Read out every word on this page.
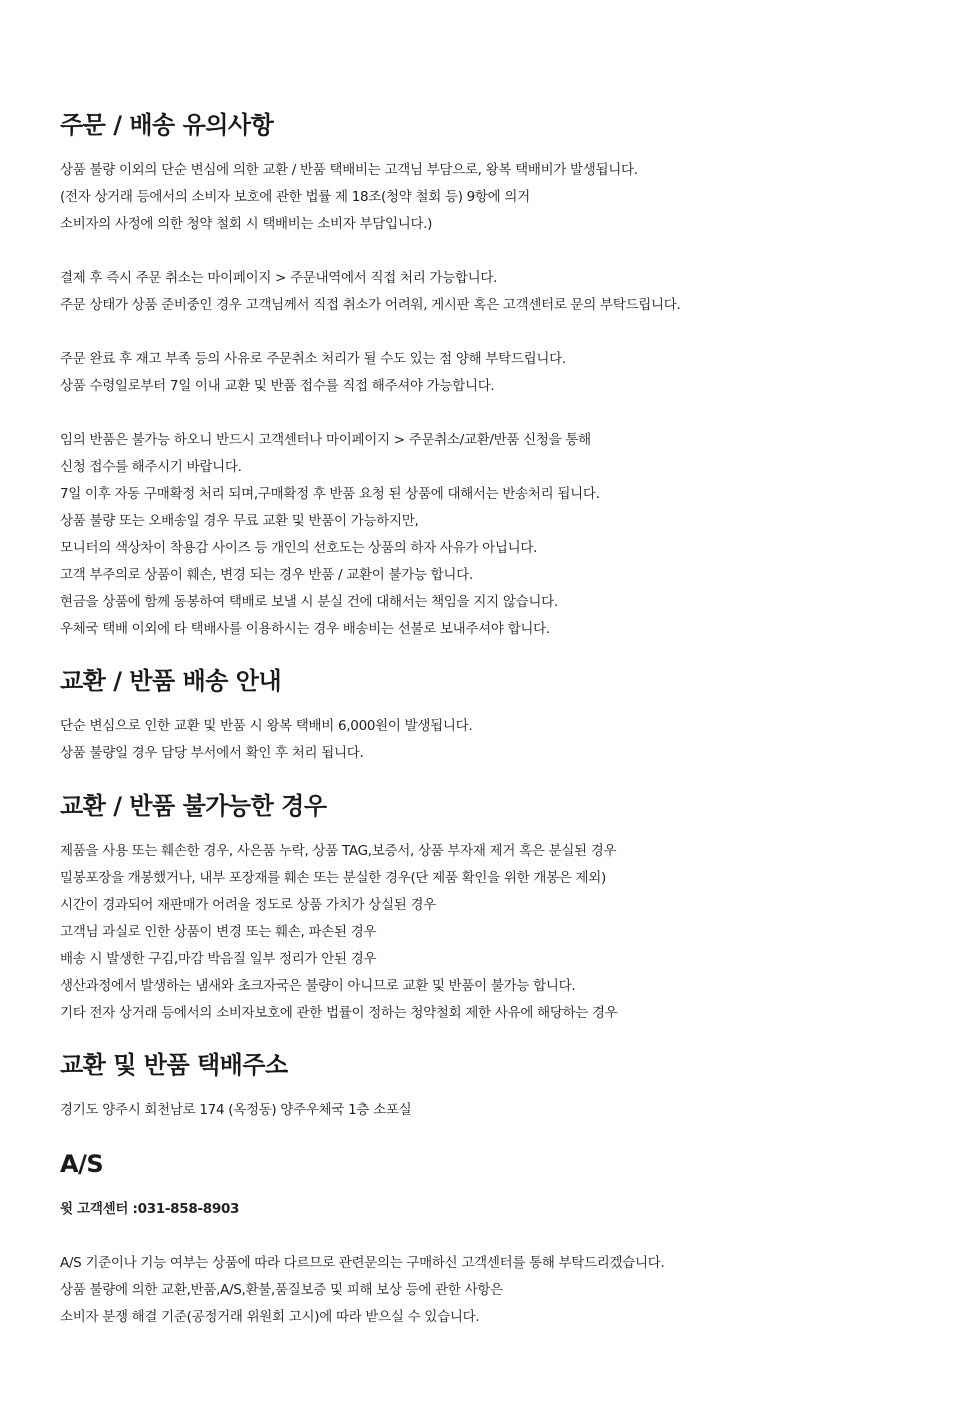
주문 / 배송 유의사항

상품 불량 이외의 단순 변심에 의한 교환 / 반품 택배비는 고객님 부담으로, 왕복 택배비가 발생됩니다.

(전자 상거래 등에서의 소비자 보호에 관한 법률 제 18조(청약 철회 등) 9항에 의거

소비자의 사정에 의한 청약 철회 시 택배비는 소비자 부담입니다.)

결제 후 즉시 주문 취소는 마이페이지 > 주문내역에서 직접 처리 가능합니다.

주문 상태가 상품 준비중인 경우 고객님께서 직접 취소가 어려워, 게시판 혹은 고객센터로 문의 부탁드립니다.

주문 완료 후 재고 부족 등의 사유로 주문취소 처리가 될 수도 있는 점 양해 부탁드립니다.

상품 수령일로부터 7일 이내 교환 및 반품 접수를 직접 해주셔야 가능합니다.

임의 반품은 불가능 하오니 반드시 고객센터나 마이페이지 > 주문취소/교환/반품 신청을 통해

신청 접수를 해주시기 바랍니다.

7일 이후 자동 구매확정 처리 되며,구매확정 후 반품 요청 된 상품에 대해서는 반송처리 됩니다.

상품 불량 또는 오배송일 경우 무료 교환 및 반품이 가능하지만,

모니터의 색상차이 착용감 사이즈 등 개인의 선호도는 상품의 하자 사유가 아닙니다.

고객 부주의로 상품이 훼손, 변경 되는 경우 반품 / 교환이 불가능 합니다.

현금을 상품에 함께 동봉하여 택배로 보낼 시 분실 건에 대해서는 책임을 지지 않습니다.

우체국 택배 이외에 타 택배사를 이용하시는 경우 배송비는 선불로 보내주셔야 합니다.

교환 / 반품 배송 안내

단순 변심으로 인한 교환 및 반품 시 왕복 택배비 6,000원이 발생됩니다.

상품 불량일 경우 담당 부서에서 확인 후 처리 됩니다.

교환 / 반품 불가능한 경우

제품을 사용 또는 훼손한 경우, 사은품 누락, 상품 TAG,보증서, 상품 부자재 제거 혹은 분실된 경우

밀봉포장을 개봉했거나, 내부 포장재를 훼손 또는 분실한 경우(단 제품 확인을 위한 개봉은 제외)

시간이 경과되어 재판매가 어려울 정도로 상품 가치가 상실된 경우

고객님 과실로 인한 상품이 변경 또는 훼손, 파손된 경우

배송 시 발생한 구김,마감 박음질 일부 정리가 안된 경우

생산과정에서 발생하는 냄새와 초크자국은 불량이 아니므로 교환 및 반품이 불가능 합니다.

기타 전자 상거래 등에서의 소비자보호에 관한 법률이 정하는 청약철회 제한 사유에 해당하는 경우

교환 및 반품 택배주소

경기도 양주시 회천남로 174 (옥정동) 양주우체국 1층 소포실

A/S

윗 고객센터 :031-858-8903

A/S 기준이나 기능 여부는 상품에 따라 다르므로 관련문의는 구매하신 고객센터를 통해 부탁드리겠습니다.

상품 불량에 의한 교환,반품,A/S,환불,품질보증 및 피해 보상 등에 관한 사항은

소비자 분쟁 해결 기준(공정거래 위원회 고시)에 따라 받으실 수 있습니다.
